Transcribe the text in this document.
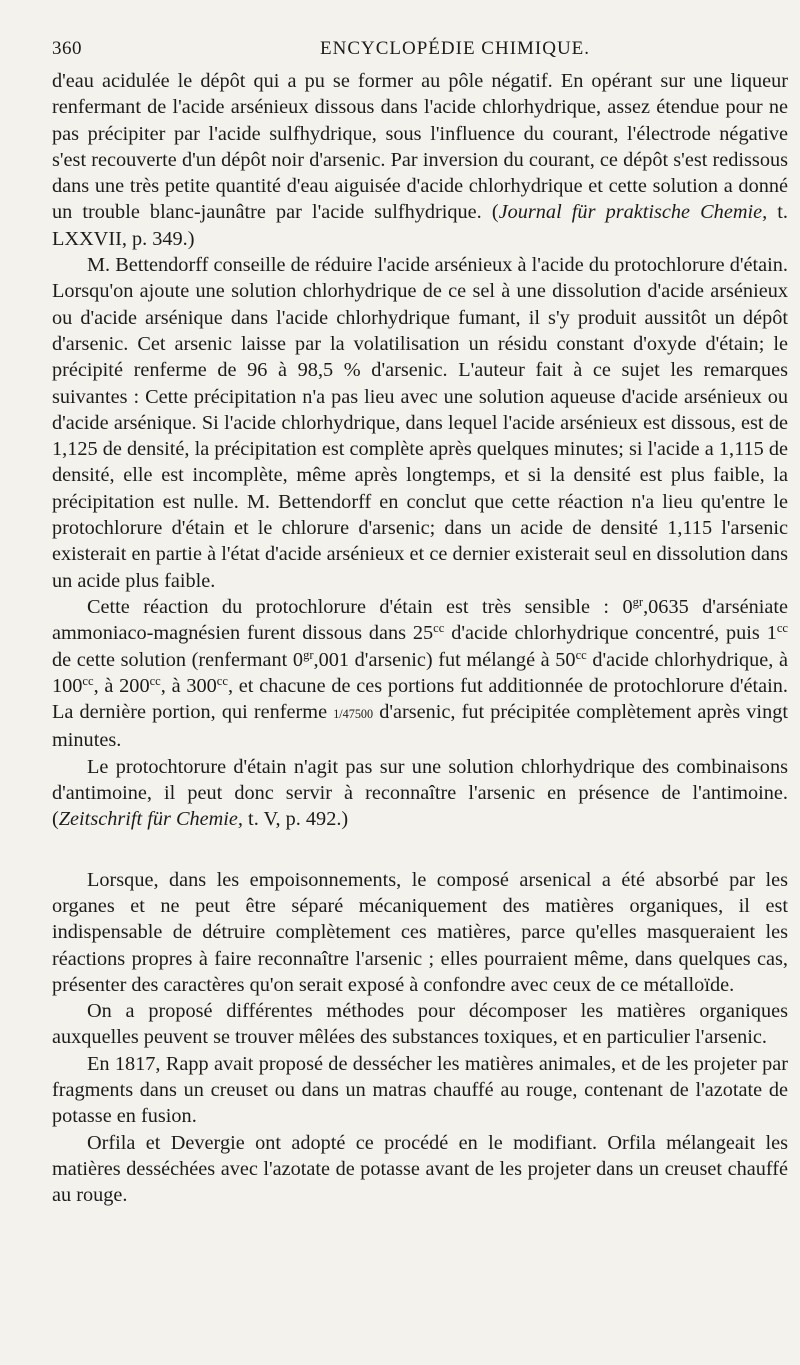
360	ENCYCLOPÉDIE CHIMIQUE.

d'eau acidulée le dépôt qui a pu se former au pôle négatif. En opérant sur une liqueur renfermant de l'acide arsénieux dissous dans l'acide chlorhydrique, assez étendue pour ne pas précipiter par l'acide sulfhydrique, sous l'influence du courant, l'électrode négative s'est recouverte d'un dépôt noir d'arsenic. Par inversion du courant, ce dépôt s'est redissous dans une très petite quantité d'eau aiguisée d'acide chlorhydrique et cette solution a donné un trouble blanc-jaunâtre par l'acide sulfhydrique. (Journal für praktische Chemie, t. LXXVII, p. 349.)

M. Bettendorff conseille de réduire l'acide arsénieux à l'acide du protochlorure d'étain. Lorsqu'on ajoute une solution chlorhydrique de ce sel à une dissolution d'acide arsénieux ou d'acide arsénique dans l'acide chlorhydrique fumant, il s'y produit aussitôt un dépôt d'arsenic. Cet arsenic laisse par la volatilisation un résidu constant d'oxyde d'étain; le précipité renferme de 96 à 98,5 % d'arsenic. L'auteur fait à ce sujet les remarques suivantes : Cette précipitation n'a pas lieu avec une solution aqueuse d'acide arsénieux ou d'acide arsénique. Si l'acide chlorhydrique, dans lequel l'acide arsénieux est dissous, est de 1,125 de densité, la précipitation est complète après quelques minutes; si l'acide a 1,115 de densité, elle est incomplète, même après longtemps, et si la densité est plus faible, la précipitation est nulle. M. Bettendorff en conclut que cette réaction n'a lieu qu'entre le protochlorure d'étain et le chlorure d'arsenic; dans un acide de densité 1,115 l'arsenic existerait en partie à l'état d'acide arsénieux et ce dernier existerait seul en dissolution dans un acide plus faible.

Cette réaction du protochlorure d'étain est très sensible : $0^{gr},0635$ d'arséniate ammoniaco-magnésien furent dissous dans $25^{cc}$ d'acide chlorhydrique concentré, puis $1^{cc}$ de cette solution (renfermant $0^{gr},001$ d'arsenic) fut mélangé à $50^{cc}$ d'acide chlorhydrique, à $100^{cc}$, à $200^{cc}$, à $300^{cc}$, et chacune de ces portions fut additionnée de protochlorure d'étain. La dernière portion, qui renferme 1/47500 d'arsenic, fut précipitée complètement après vingt minutes.

Le protochtorure d'étain n'agit pas sur une solution chlorhydrique des combinaisons d'antimoine, il peut donc servir à reconnaître l'arsenic en présence de l'antimoine. (Zeitschrift für Chemie, t. V, p. 492.)

Lorsque, dans les empoisonnements, le composé arsenical a été absorbé par les organes et ne peut être séparé mécaniquement des matières organiques, il est indispensable de détruire complètement ces matières, parce qu'elles masqueraient les réactions propres à faire reconnaître l'arsenic ; elles pourraient même, dans quelques cas, présenter des caractères qu'on serait exposé à confondre avec ceux de ce métalloïde.

On a proposé différentes méthodes pour décomposer les matières organiques auxquelles peuvent se trouver mêlées des substances toxiques, et en particulier l'arsenic.

En 1817, Rapp avait proposé de dessécher les matières animales, et de les projeter par fragments dans un creuset ou dans un matras chauffé au rouge, contenant de l'azotate de potasse en fusion.

Orfila et Devergie ont adopté ce procédé en le modifiant. Orfila mélangeait les matières desséchées avec l'azotate de potasse avant de les projeter dans un creuset chauffé au rouge.
